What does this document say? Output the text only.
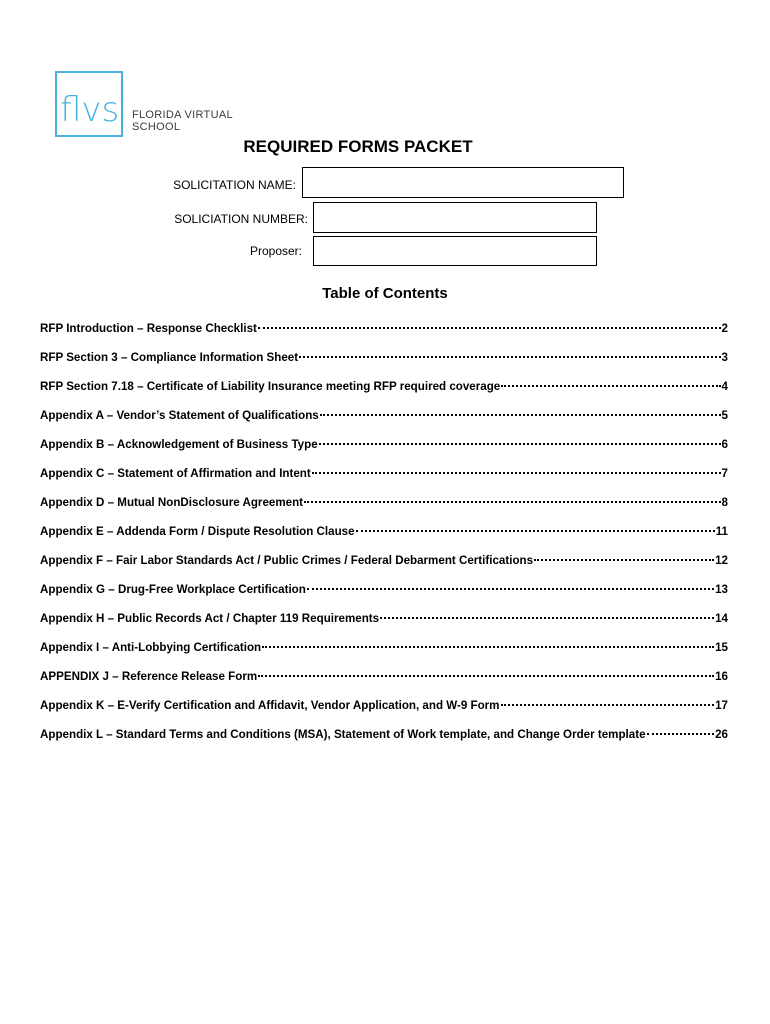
flvs FLORIDA VIRTUAL
SCHOOL
REQUIRED FORMS PACKET
SOLICITATION NAME:
SOLICIATION NUMBER:
Proposer:
Table of Contents
RFP Introduction – Response Checklist	2
RFP Section 3 – Compliance Information Sheet	3
RFP Section 7.18 – Certificate of Liability Insurance meeting RFP required coverage	4
Appendix A – Vendor’s Statement of Qualifications	5
Appendix B – Acknowledgement of Business Type	6
Appendix C – Statement of Affirmation and Intent	7
Appendix D – Mutual NonDisclosure Agreement	8
Appendix E – Addenda Form / Dispute Resolution Clause	11
Appendix F – Fair Labor Standards Act / Public Crimes / Federal Debarment Certifications	12
Appendix G – Drug-Free Workplace Certification	13
Appendix H – Public Records Act / Chapter 119 Requirements	14
Appendix I – Anti-Lobbying Certification	15
APPENDIX J – Reference Release Form	16
Appendix K – E-Verify Certification and Affidavit, Vendor Application, and W-9 Form	17
Appendix L – Standard Terms and Conditions (MSA), Statement of Work template, and Change Order template	26
